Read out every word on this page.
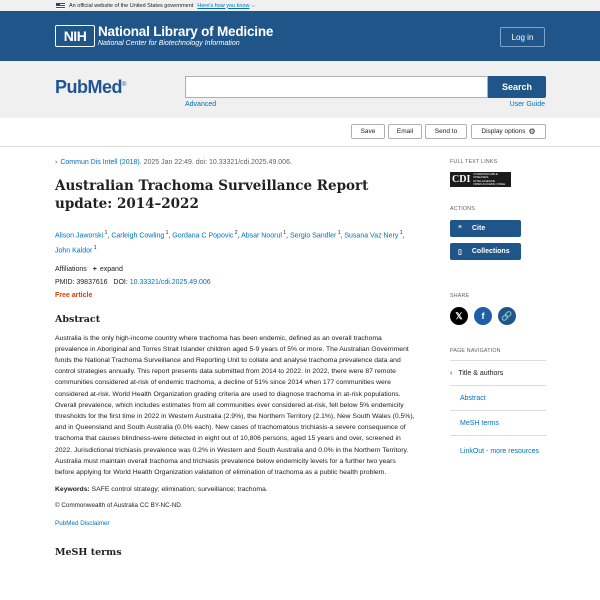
An official website of the United States government Here's how you know ⌵
NIH National Library of Medicine
National Center for Biotechnology Information
Log in
PubMed®	Search
Advanced	User Guide
Save	Email	Send to	Display options ⚙
› Commun Dis Intell (2018). 2025 Jan 22:49. doi: 10.33321/cdi.2025.49.006.
Australian Trachoma Surveillance Report update: 2014–2022
Alison Jaworski $^1$, Carleigh Cowling $^1$, Gordana C Popovic $^2$, Absar Noorul $^1$, Sergio Sandler $^1$, Susana Vaz Nery $^1$, John Kaldor $^1$
Affiliations + expand
PMID: 39837616 DOI: 10.33321/cdi.2025.49.006
Free article
Abstract
Australia is the only high-income country where trachoma has been endemic, defined as an overall trachoma prevalence in Aboriginal and Torres Strait Islander children aged 5-9 years of 5% or more. The Australian Government funds the National Trachoma Surveillance and Reporting Unit to collate and analyse trachoma prevalence data and control strategies annually. This report presents data submitted from 2014 to 2022. In 2022, there were 87 remote communities considered at-risk of endemic trachoma, a decline of 51% since 2014 when 177 communities were considered at-risk. World Health Organization grading criteria are used to diagnose trachoma in at-risk populations. Overall prevalence, which includes estimates from all communities ever considered at-risk, fell below 5% endemicity thresholds for the first time in 2022 in Western Australia (2.9%), the Northern Territory (2.1%), New South Wales (0.5%), and in Queensland and South Australia (0.0% each). New cases of trachomatous trichiasis-a severe consequence of trachoma that causes blindness-were detected in eight out of 10,806 persons, aged 15 years and over, screened in 2022. Jurisdictional trichiasis prevalence was 0.2% in Western and South Australia and 0.0% in the Northern Territory. Australia must maintain overall trachoma and trichiasis prevalence below endemicity levels for a further two years before applying for World Health Organization validation of elimination of trachoma as a public health problem.
Keywords: SAFE control strategy; elimination; surveillance; trachoma.
© Commonwealth of Australia CC BY-NC-ND.
PubMed Disclaimer
MeSH terms
FULL TEXT LINKS
CDI
COMMUNICABLE
DISEASES
INTELLIGENCE
OPEN ACCESS | FREE
ACTIONS
“ Cite
▯ Collections
SHARE
𝕏	f	🔗
PAGE NAVIGATION
‹ Title & authors
Abstract
MeSH terms
LinkOut - more resources
